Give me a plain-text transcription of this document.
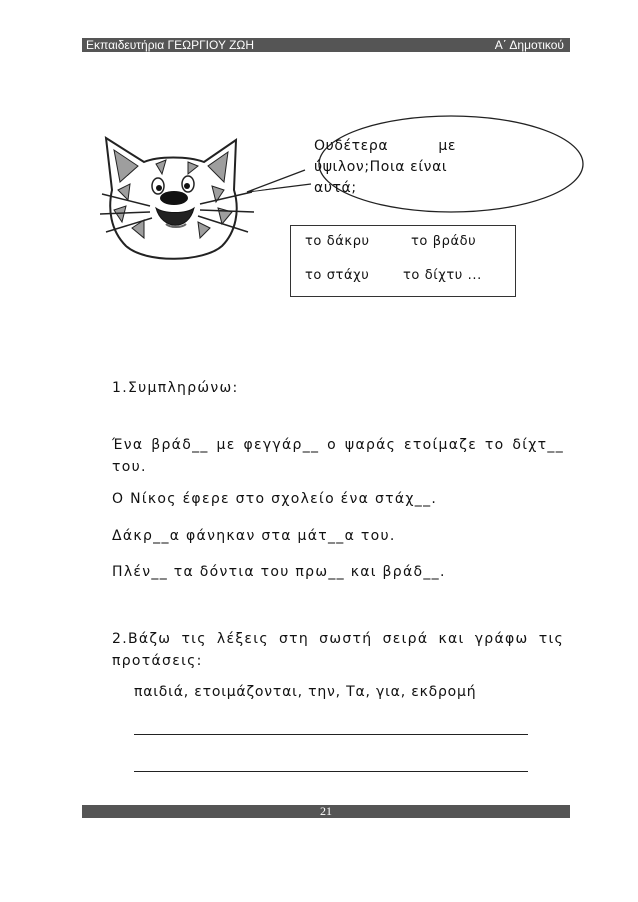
Εκπαιδευτήρια ΓΕΩΡΓΙΟΥ ΖΩΗ	Α΄ Δημοτικού
Ουδέτερα	με
ύψιλον;Ποια είναι
αυτά;
το δάκρυ	το βράδυ
το στάχυ	το δίχτυ ...
1.Συμπληρώνω:
Ένα βράδ__ με φεγγάρ__ ο ψαράς ετοίμαζε το δίχτ__ του.
Ο Νίκος έφερε στο σχολείο ένα στάχ__.
Δάκρ__α φάνηκαν στα μάτ__α του.
Πλέν__ τα δόντια του πρω__ και βράδ__.
2.Βάζω τις λέξεις στη σωστή σειρά και γράφω τις προτάσεις:
παιδιά, ετοιμάζονται, την, Τα, για, εκδρομή
21
